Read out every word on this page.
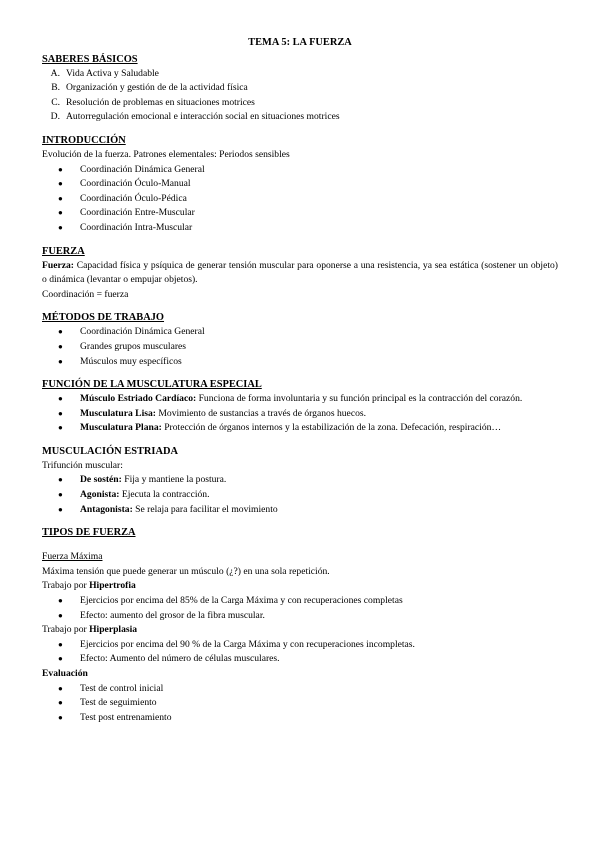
TEMA 5: LA FUERZA
SABERES BÁSICOS
A. Vida Activa y Saludable
B. Organización y gestión de de la actividad física
C. Resolución de problemas en situaciones motrices
D. Autorregulación emocional e interacción social en situaciones motrices
INTRODUCCIÓN

Evolución de la fuerza. Patrones elementales: Periodos sensibles

● Coordinación Dinámica General
● Coordinación Óculo-Manual
● Coordinación Óculo-Pédica
● Coordinación Entre-Muscular
● Coordinación Intra-Muscular
FUERZA

Fuerza: Capacidad física y psíquica de generar tensión muscular para oponerse a una resistencia, ya sea estática (sostener un objeto) o dinámica (levantar o empujar objetos).

Coordinación = fuerza

MÉTODOS DE TRABAJO
● Coordinación Dinámica General
● Grandes grupos musculares
● Músculos muy específicos
FUNCIÓN DE LA MUSCULATURA ESPECIAL
● Músculo Estriado Cardíaco: Funciona de forma involuntaria y su función principal es la contracción del corazón.
● Musculatura Lisa: Movimiento de sustancias a través de órganos huecos.
● Musculatura Plana: Protección de órganos internos y la estabilización de la zona. Defecación, respiración…
MUSCULACIÓN ESTRIADA

Trifunción muscular:

● De sostén: Fija y mantiene la postura.
● Agonista: Ejecuta la contracción.
● Antagonista: Se relaja para facilitar el movimiento
TIPOS DE FUERZA

Fuerza Máxima

Máxima tensión que puede generar un músculo (¿?) en una sola repetición.

Trabajo por Hipertrofia

● Ejercicios por encima del 85% de la Carga Máxima y con recuperaciones completas
● Efecto: aumento del grosor de la fibra muscular.

Trabajo por Hiperplasia

● Ejercicios por encima del 90 % de la Carga Máxima y con recuperaciones incompletas.
● Efecto: Aumento del número de células musculares.

Evaluación

● Test de control inicial
● Test de seguimiento
● Test post entrenamiento
